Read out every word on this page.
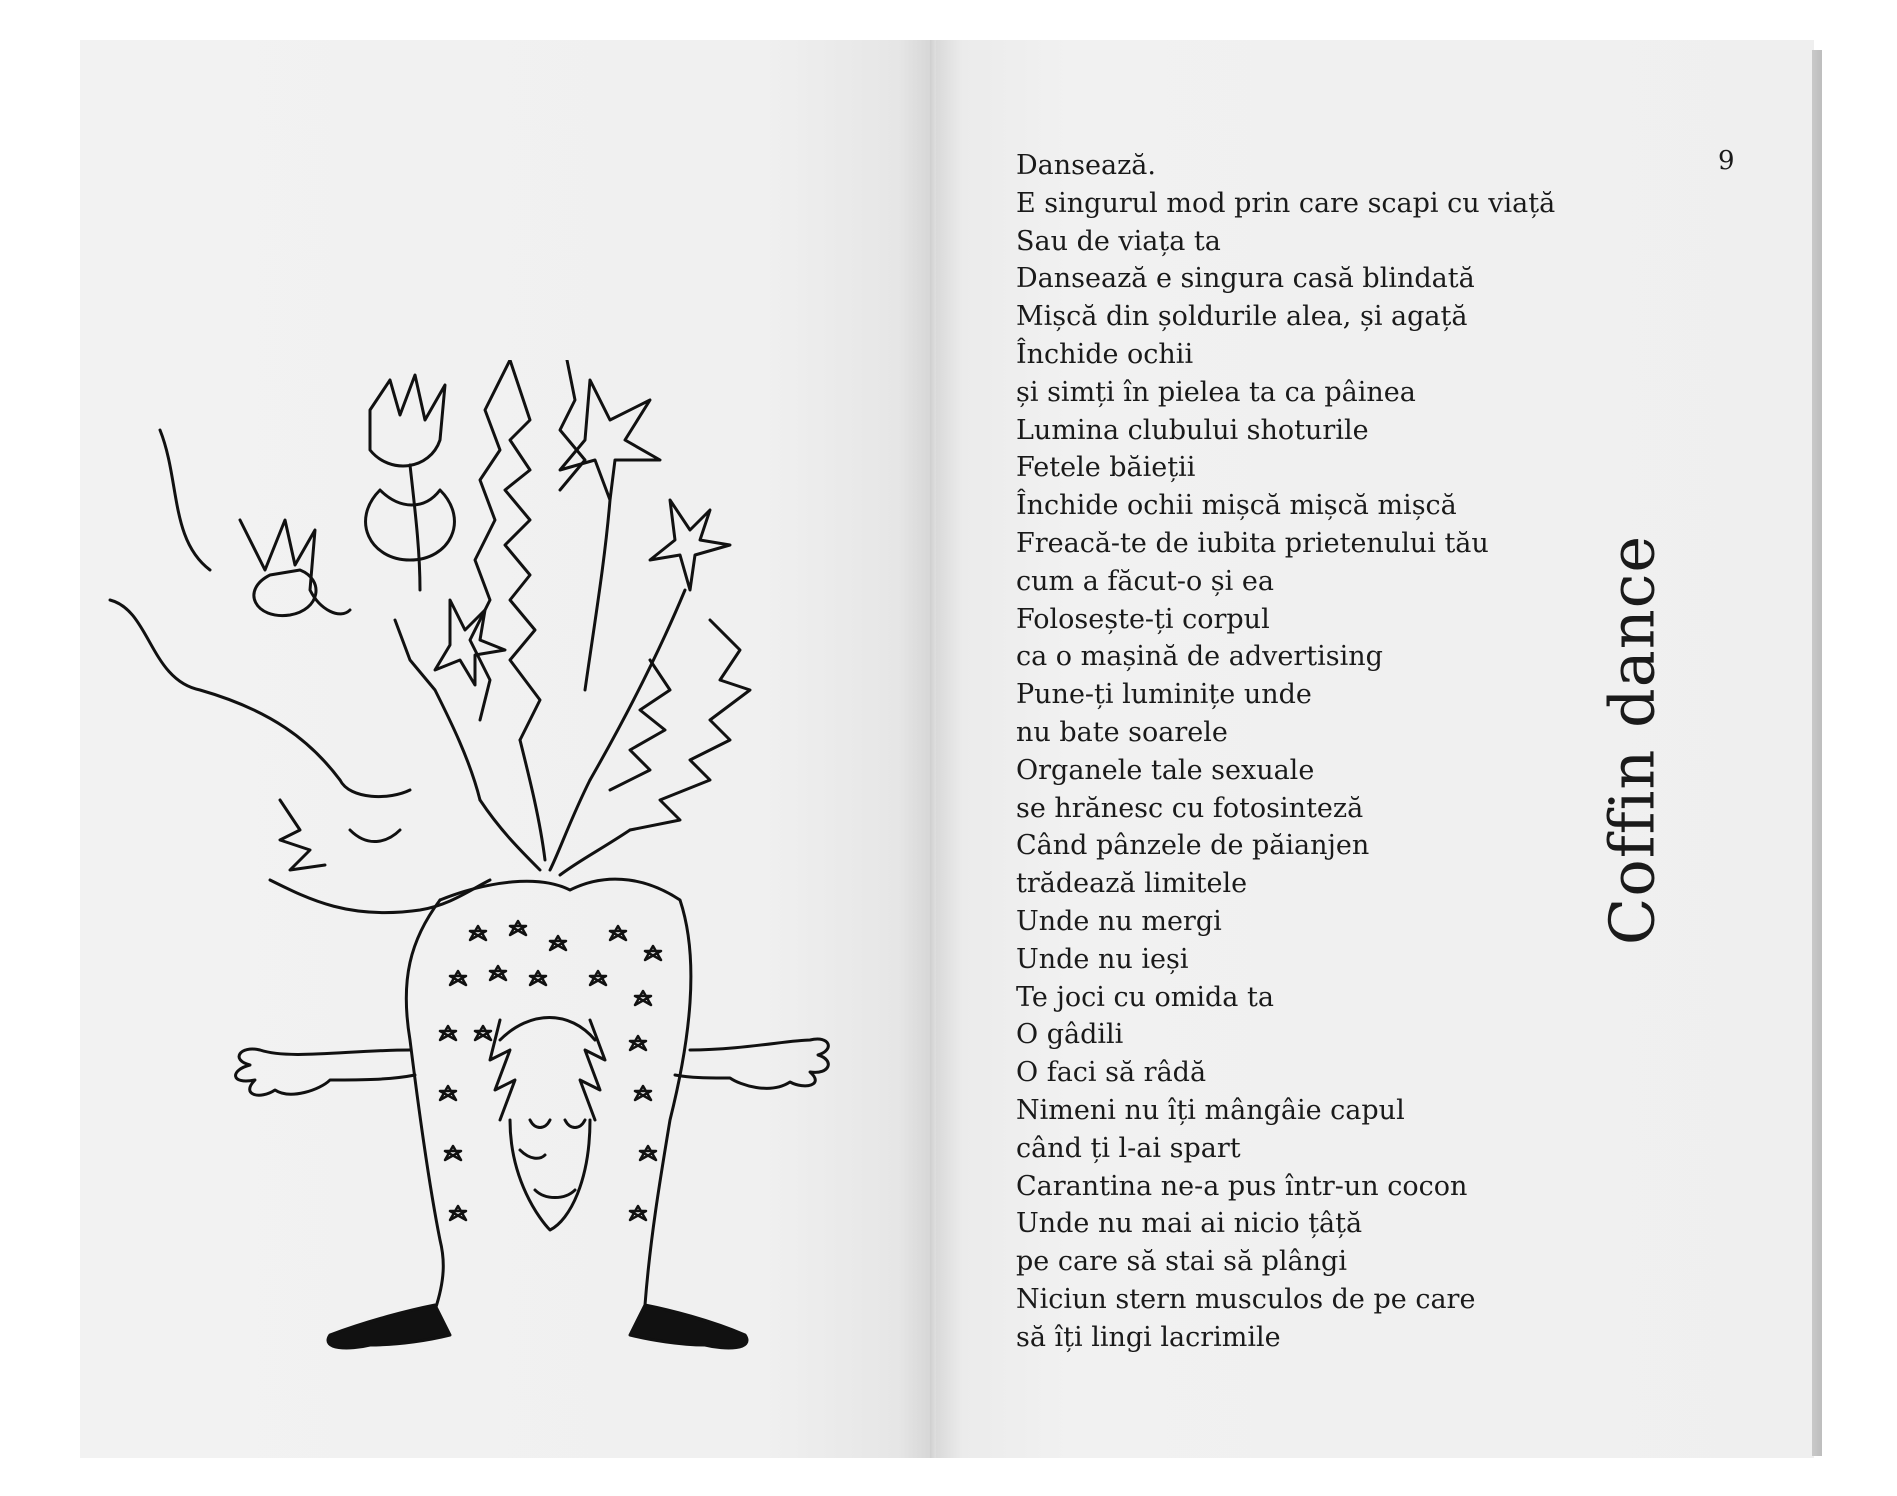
Dansează.
E singurul mod prin care scapi cu viață
Sau de viața ta
Dansează e singura casă blindată
Mișcă din șoldurile alea, și agață
Închide ochii
și simți în pielea ta ca pâinea
Lumina clubului shoturile
Fetele băieții
Închide ochii mișcă mișcă mișcă
Freacă-te de iubita prietenului tău
cum a făcut-o și ea
Folosește-ți corpul
ca o mașină de advertising
Pune-ți luminițe unde
nu bate soarele
Organele tale sexuale
se hrănesc cu fotosinteză
Când pânzele de păianjen
trădează limitele
Unde nu mergi
Unde nu ieși
Te joci cu omida ta
O gâdili
O faci să râdă
Nimeni nu îți mângâie capul
când ți l-ai spart
Carantina ne-a pus într-un cocon
Unde nu mai ai nicio țâță
pe care să stai să plângi
Niciun stern musculos de pe care
să îți lingi lacrimile
9
Coffin dance
